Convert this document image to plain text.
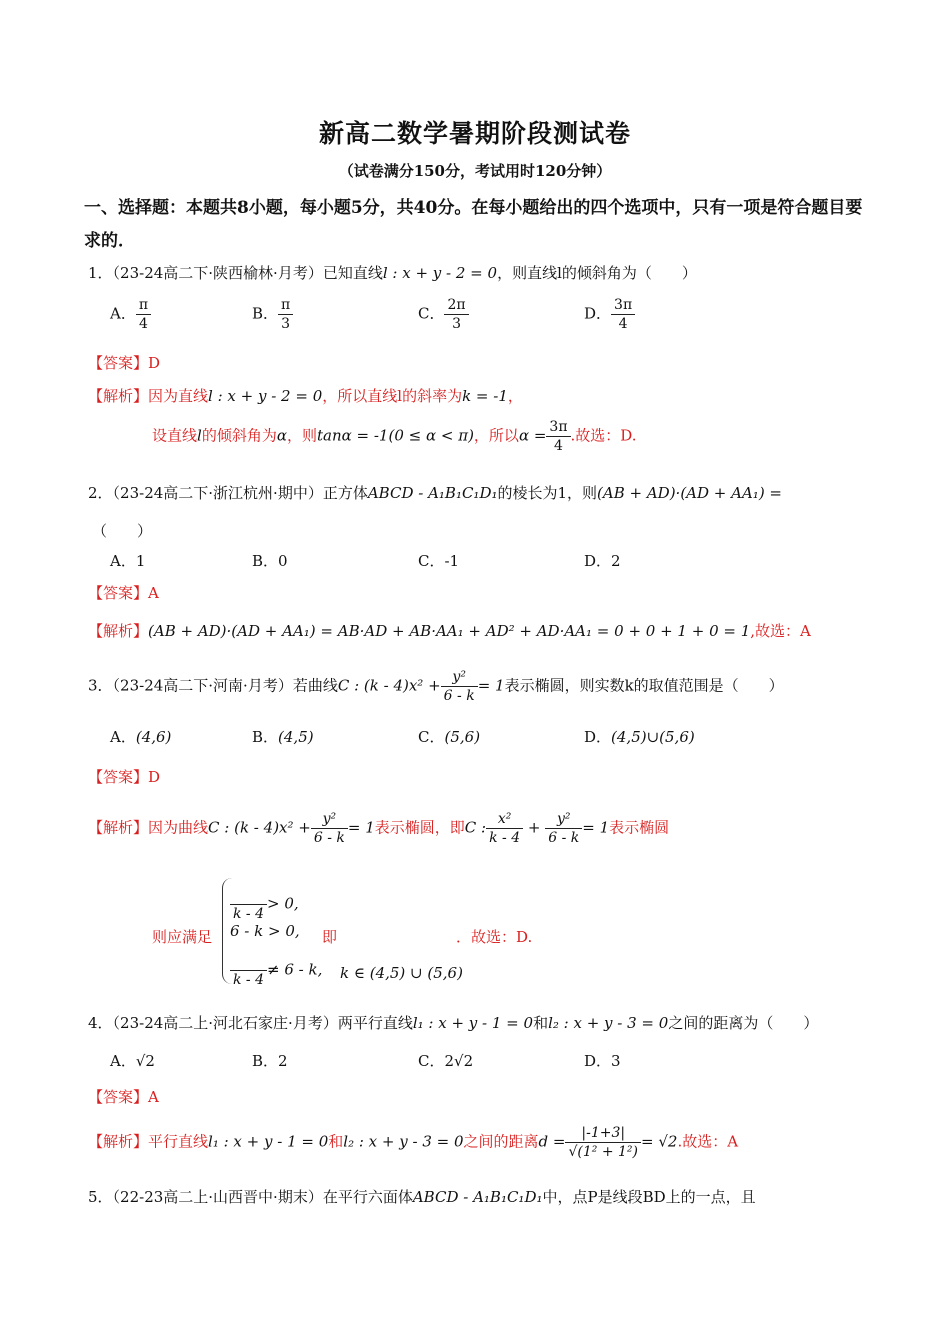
新高二数学暑期阶段测试卷
（试卷满分150分，考试用时120分钟）
一、选择题：本题共8小题，每小题5分，共40分。在每小题给出的四个选项中，只有一项是符合题目要求的．
1．（23-24高二下·陕西榆林·月考）已知直线l : x + y - 2 = 0，则直线l的倾斜角为（　　）
A． $\frac{\pi}{4}$	B． $\frac{\pi}{3}$	C． $\frac{2\pi}{3}$	D． $\frac{3\pi}{4}$
【答案】D
【解析】因为直线l : x + y - 2 = 0，所以直线l的斜率为k = -1，
设直线l的倾斜角为α，则tanα = -1(0 ≤ α < π)，所以$\alpha = \frac{3\pi}{4}$ .故选：D.
2．（23-24高二下·浙江杭州·期中）正方体ABCD - A₁B₁C₁D₁的棱长为1，则(AB + AD)·(AD + AA₁) =
（　　）
A．1	B．0	C．-1	D．2
【答案】A
【解析】(AB + AD)·(AD + AA₁) = AB·AD + AB·AA₁ + AD² + AD·AA₁ = 0 + 0 + 1 + 0 = 1,故选：A
3．（23-24高二下·河南·月考）若曲线C : $(k - 4)x^2 + \frac{\text{y²}}{6 - k} = 1$表示椭圆，则实数k的取值范围是（　　）
A．(4,6)	B．(4,5)	C．(5,6)	D．(4,5)∪(5,6)
【答案】D
【解析】因为曲线C : $(k - 4)x^2 + \frac{\text{y²}}{6 - k} = 1$表示椭圆，即C : $\frac{\text{x²}}{k - 4} + \frac{\text{y²}}{6 - k} = 1$表示椭圆
则应满足

k - 4
> 0,
6 - k > 0,

k - 4
≠ 6 - k,
即
k ∈ (4,5) ∪ (5,6)
．故选：D.
4．（23-24高二上·河北石家庄·月考）两平行直线l₁ : x + y - 1 = 0和l₂ : x + y - 3 = 0之间的距离为（　　）
A．√2	B．2	C．2√2	D．3
【答案】A
【解析】平行直线l₁ : x + y - 1 = 0和l₂ : x + y - 3 = 0之间的距离$d = \frac{|-1+3|}{\text{√(1² + 1²)}} = √2$.故选：A
5．（22-23高二上·山西晋中·期末）在平行六面体ABCD - A₁B₁C₁D₁中，点P是线段BD上的一点，且
